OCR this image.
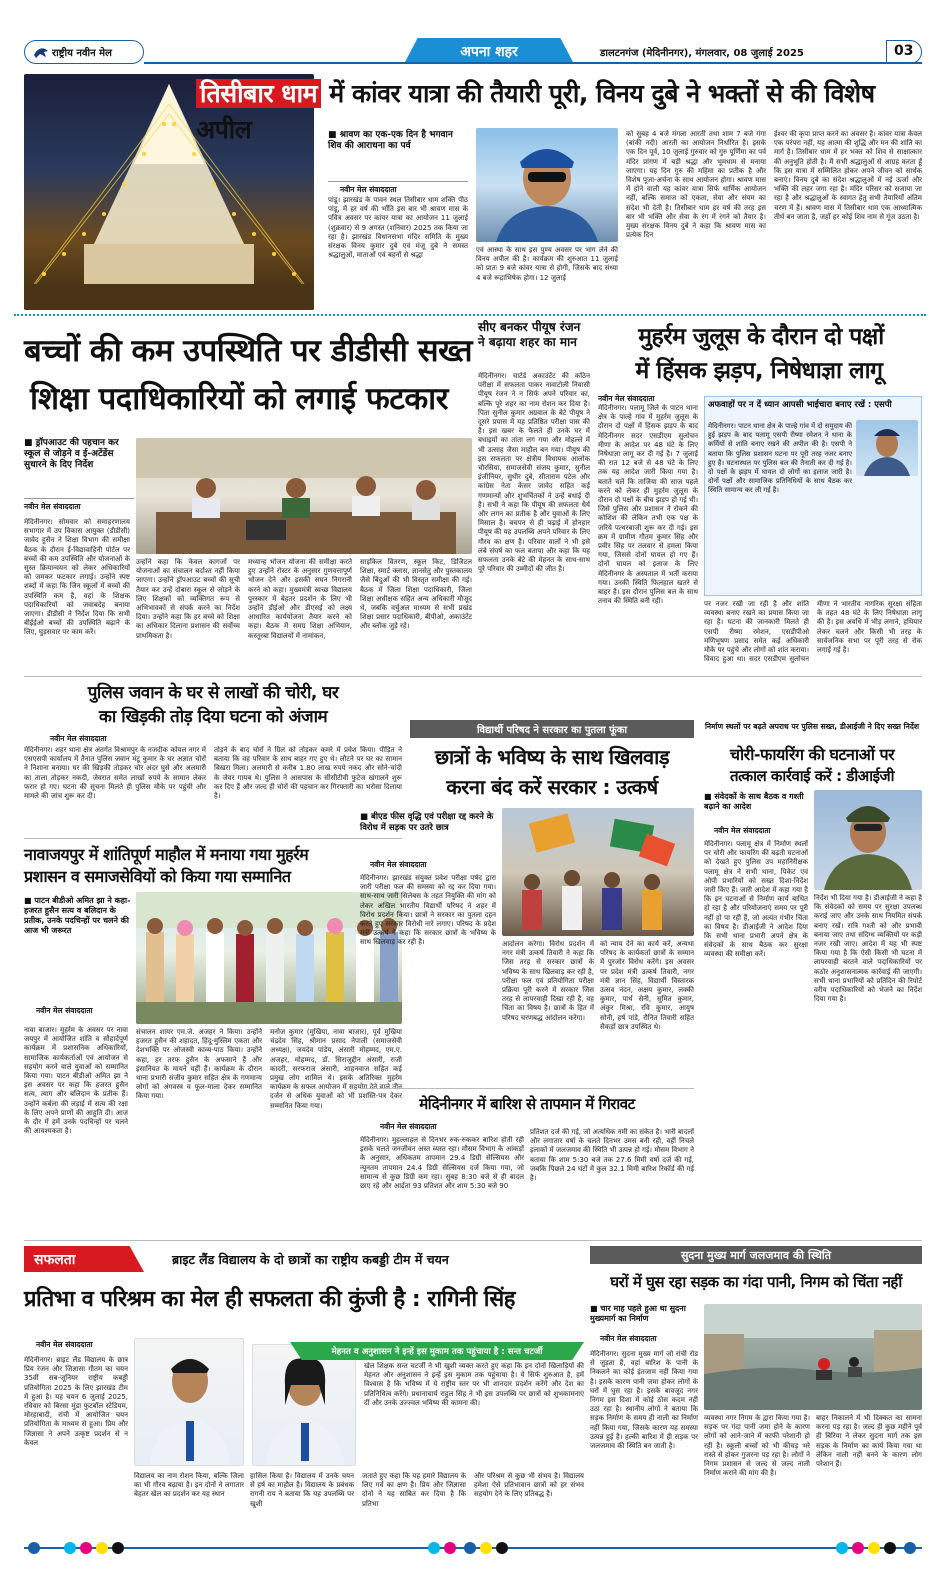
राष्ट्रीय नवीन मेल	अपना शहर	डालटनगंज (मेदिनीनगर), मंगलवार, 08 जुलाई 2025	03
तिसीबार धाम में कांवर यात्रा की तैयारी पूरी, विनय दुबे ने भक्तों से की विशेष अपील	■ श्रावण का एक-एक दिन है भगवान शिव की आराधना का पर्व
नवीन मेल संवाददाता
पांडू। झारखंड के पावन स्थल तिसीबार धाम शक्ति पीठ पांडू, में हर वर्ष की भाँति इस बार भी श्रावण मास के पवित्र अवसर पर कांवर यात्रा का आयोजन 11 जुलाई (शुक्रवार) से 9 अगस्त (शनिवार) 2025 तक किया जा रहा है। झारखंड विधानसभा मंदिर समिति के मुख्य संरक्षक विनय कुमार दुबे एवं मंजू दुबे ने समस्त श्रद्धालुओं, माताओं एवं बहनों से श्रद्धा
एवं आस्था के साथ इस पुण्य अवसर पर भाग लेने की विनय अपील की है। कार्यक्रम की शुरुआत 11 जुलाई को प्रातः 9 बजे कांवर यात्रा से होगी, जिसके बाद संध्या 4 बजे रूद्राभिषेक होगा। 12 जुलाई
को सुबह 4 बजे मंगला आरती तथा शाम 7 बजे गंगा (बांकी नदी) आरती का आयोजन निर्धारित है। इसके एक दिन पूर्व, 10 जुलाई गुरुवार को गुरु पूर्णिमा का पर्व मंदिर प्रांगण में बड़ी श्रद्धा और भूमधाम से मनाया जाएगा। यह दिन गुरु की महिमा का प्रतीक है और विशेष पूजा-अर्चना के साथ आयोजन होगा। श्रावण मास में होने वाली यह कांवर यात्रा सिर्फ धार्मिक आयोजन नहीं, बल्कि समाज को एकता, सेवा और संयम का संदेश भी देती है। तिसीबार धाम हर वर्ष की तरह इस बार भी भक्ति और सेवा के रंग में रंगने को तैयार है। मुख्य संरक्षक विनय दुबे ने कहा कि श्रावण मास का प्रत्येक दिन
ईश्वर की कृपा प्राप्त करने का अवसर है। कांवर यात्रा केवल एक परंपरा नहीं, यह आत्मा की शुद्धि और मन की शांति का मार्ग है। तिसीबार धाम में हर भक्त को शिव से साक्षात्कार की अनुभूति होती है। मैं सभी श्रद्धालुओं से आग्रह करता हूँ कि इस यात्रा में सम्मिलित होकर अपने जीवन को सार्थक बनाएं। विनय दुबे का संदेश श्रद्धालुओं में नई ऊर्जा और भक्ति की लहर जगा रहा है। मंदिर परिसर को सजाया जा रहा है और श्रद्धालुओं के स्वागत हेतु सभी तैयारियाँ अंतिम चरण में हैं। श्रावण मास में तिसीबार धाम एक आध्यात्मिक तीर्थ बन जाता है, जहाँ हर कोई शिव नाम से गूंज उठता है।
बच्चों की कम उपस्थिति पर डीडीसी सख्त
शिक्षा पदाधिकारियों को लगाई फटकार
■ ड्रॉपआउट की पहचान कर स्कूल से जोड़ने व ई-अटेंडेंस सुधारने के दिए निर्देश
नवीन मेल संवाददाता
मेदिनीनगर। सोमवार को समाहरणालय सभागार में उप विकास आयुक्त (डीडीसी) जावेद हुसैन ने शिक्षा विभाग की समीक्षा बैठक के दौरान ई-विद्यावाहिनी पोर्टल पर बच्चों की कम उपस्थिति और योजनाओं के सुस्त क्रियान्वयन को लेकर अधिकारियों को जमकर फटकार लगाई। उन्होंने स्पष्ट शब्दों में कहा कि जिन स्कूलों में बच्चों की उपस्थिति कम है, वहां के शिक्षक पदाधिकारियों को जवाबदेह बनाया जाएगा। डीडीसी ने निर्देश दिया कि सभी बीईईओ बच्चों की उपस्थिति बढ़ाने के लिए, घुड़सवार पर काम करें।
उन्होंने कहा कि केवल कागजों पर योजनाओं का संचालन बर्दाश्त नहीं किया जाएगा। उन्होंने ड्रॉपआउट बच्चों की सूची तैयार कर उन्हें दोबारा स्कूल से जोड़ने के लिए शिक्षकों को व्यक्तिगत रूप से अभिभावकों से संपर्क करने का निर्देश दिया। उन्होंने कहा कि हर बच्चे को शिक्षा का अधिकार दिलाना प्रशासन की सर्वोच्च प्राथमिकता है।
मध्यान्ह भोजन योजना की समीक्षा करते हुए उन्होंने रोस्टर के अनुसार गुणवत्तापूर्ण भोजन देने और इसकी सघन निगरानी करने को कहा। मुख्यमंत्री स्वच्छ विद्यालय पुरस्कार में बेहतर प्रदर्शन के लिए भी उन्होंने डीईओ और डीएसई को लक्ष्य आधारित कार्ययोजना तैयार करने को कहा। बैठक में समग्र शिक्षा अभियान, कस्तूरबा विद्यालयों में नामांकन,
साइकिल वितरण, स्कूल किट, डिजिटल शिक्षा, स्मार्ट क्लास, ज्ञानसेतु और पुस्तकालय जैसे बिंदुओं की भी विस्तृत समीक्षा की गई। बैठक में जिला शिक्षा पदाधिकारी, जिला शिक्षा अधीक्षक सहित अन्य अधिकारी मौजूद थे, जबकि वर्चुअल माध्यम से सभी प्रखंड शिक्षा प्रसार पदाधिकारी, बीपीओ, अकाउंटेंट और ब्लॉक जुड़े रहे।
सीए बनकर पीयूष रंजन ने बढ़ाया शहर का मान
मेदिनीनगर। चार्टर्ड अकाउंटेंट की कठिन परीक्षा में सफलता पाकर नावाटोली निवासी पीयूष रंजन ने न सिर्फ अपने परिवार का, बल्कि पूरे शहर का नाम रोशन कर दिया है। पिता सुनील कुमार अग्रवाल के बेटे पीयूष ने दूसरे प्रयास में यह प्रतिष्ठित परीक्षा पास की है। इस खबर के फैलते ही उनके घर में बधाइयों का तांता लग गया और मोहल्ले में भी उत्साह जैसा माहौल बन गया। पीयूष की इस सफलता पर क्षेत्रीय विधायक आलोक चौरसिया, समाजसेवी संजय कुमार, सुनील इंजीनियर, सुधीर दुबे, सीताराम पटेल और कांग्रेस नेता केसर जावेद सहित कई गणमान्यों और शुभचिंतकों ने उन्हें बधाई दी है। सभी ने कहा कि पीयूष की सफलता धैर्य और लगन का प्रतीक है और युवाओं के लिए मिसाल है। बचपन से ही पढ़ाई में होनहार पीयूष की यह उपलब्धि अपने परिवार के लिए गौरव का क्षण है। परिवार वालों ने भी इसे लंबे संघर्ष का फल बताया और कहा कि यह सफलता उनके बेटे की मेहनत के साथ-साथ पूरे परिवार की उम्मीदों की जीत है।
मुहर्रम जुलूस के दौरान दो पक्षों
में हिंसक झड़प, निषेधाज्ञा लागू
नवीन मेल संवाददाता
मेदिनीनगर। पलामू जिले के पाटन थाना क्षेत्र के पाल्हे गांव में मुहर्रम जुलूस के दौरान दो पक्षों में हिंसक झड़प के बाद मेदिनीनगर सदर एसडीएम सुलोचन मीणा के आदेश पर 48 घंटे के लिए निषेधाज्ञा लागू कर दी गई है। 7 जुलाई की रात 12 बजे से 48 घंटे के लिए तक यह आदेश जारी किया गया है। बताते चलें कि ताजिया की साज पहले करने को लेकर ही मुहर्रम जुलूस के दौरान दो पक्षों के बीच झड़प हो गई थी। जिसे पुलिस और प्रशासन ने रोकने की कोशिश की लेकिन तभी एक पक्ष के जरिये पत्थरबाजी शुरू कर दी गई। इस क्रम में ग्रामीण गौतम कुमार सिंह और प्रवीर सिंह पर तलवार से हमला किया गया, जिससे दोनों घायल हो गए हैं। दोनों घायल को इलाज के लिए मेदिनीनगर के अस्पताल में भर्ती कराया गया। उनकी स्थिति फिलहाल खतरे से बाहर है। इस दौरान पुलिस बल के साथ तनाव की स्थिति बनी रही।
अफवाहों पर न दें ध्यान आपसी भाईचारा बनाए रखें : एसपी
मेदिनीनगर। पाटन थाना क्षेत्र के पाल्हे गांव में दो समुदाय की हुई झड़प के बाद पलामू एसपी रीष्मा रमेशन ने थाना के कर्मियों से शांति बनाए रखने की अपील की है। एसपी ने बताया कि पुलिस प्रशासन घटना पर पूरी तरह नजर बनाए हुए है। घटनास्थल पर पुलिस बल की तैनाती कर दी गई है। दो पक्षों के झड़प में घायल दो लोगों का इलाज जारी है। दोनों पक्षों और सामाजिक प्रतिनिधियों के साथ बैठक कर स्थिति सामान्य कर ली गई है।
पर नजर रखी जा रही है और शांति व्यवस्था बनाए रखने का प्रयास किया जा रहा है। घटना की जानकारी मिलते ही एसपी रीष्मा रमेशन, एसडीपीओ मणिभूषण प्रसाद समेत कई अधिकारी मौके पर पहुंचे और लोगों को शांत कराया। विवाद हुआ था। सदर एसडीएम सुलोचन मीणा ने भारतीय नागरिक सुरक्षा संहिता के तहत 48 घंटे के लिए निषेधाज्ञा लागू की है। इस अवधि में भीड़ लगाने, हथियार लेकर चलने और किसी भी तरह के सार्वजनिक सभा पर पूरी तरह से रोक लगाई गई है।
पुलिस जवान के घर से लाखों की चोरी, घर
का खिड़की तोड़ दिया घटना को अंजाम
नवीन मेल संवाददाता
मेदिनीनगर। शहर थाना क्षेत्र अंतर्गत विश्रामपुर के नजदीक कोयल नगर में एसएसपी कार्यालय में तैनात पुलिस जवान मंटू कुमार के घर अज्ञात चोरों ने निशाना बनाया। घर की खिड़की तोड़कर चोर अंदर घुसे और अलमारी का ताला तोड़कर नकदी, जेवरात समेत लाखों रुपये के सामान लेकर फरार हो गए। घटना की सूचना मिलते ही पुलिस मौके पर पहुंची और मामले की जांच शुरू कर दी।
तोड़ने के बाद चोरों ने ग्रिल को तोड़कर कमरे में प्रवेश किया। पीड़ित ने बताया कि वह परिवार के साथ बाहर गए हुए थे। लौटने पर घर का सामान बिखरा मिला। अलमारी से करीब 1.80 लाख रुपये नकद और सोने-चांदी के जेवर गायब थे। पुलिस ने आसपास के सीसीटीवी फुटेज खंगालने शुरू कर दिए हैं और जल्द ही चोरों की पहचान कर गिरफ्तारी का भरोसा दिलाया है।
नावाजयपुर में शांतिपूर्ण माहौल में मनाया गया मुहर्रम
प्रशासन व समाजसेवियों को किया गया सम्मानित
■ पाटन बीडीओ अमित झा ने कहा- हजरत हुसैन सत्य व बलिदान के प्रतीक, उनके पदचिन्हों पर चलने की आज भी जरूरत
नवीन मेल संवाददाता
नावा बाजार। मुहर्रम के अवसर पर नावा जयपुर में आयोजित शांति व सौहार्दपूर्ण कार्यक्रम में प्रशासनिक अधिकारियों, सामाजिक कार्यकर्ताओं एवं आयोजन से सहयोग करने वाले युवाओं को सम्मानित किया गया। पाटन बीडीओ अमित झा ने इस अवसर पर कहा कि हजरत हुसैन सत्य, त्याग और बलिदान के प्रतीक हैं। उन्होंने कर्बला की लड़ाई में सत्य की रक्षा के लिए अपने प्राणों की आहुति दी। आज के दौर में हमें उनके पदचिन्हों पर चलने की आवश्यकता है।
संचालन शायर एम.जे. अजहर ने किया। उन्होंने हजरत हुसैन की शहादत, हिंदू-मुस्लिम एकता और देशभक्ति पर ओजस्वी काव्य-पाठ किया। उन्होंने कहा, हर तरफ हुसैन के अफसाने हैं और इंसानियत के मायने यहीं हैं। कार्यक्रम के दौरान थाना प्रभारी संजीव कुमार सहित क्षेत्र के गणमान्य लोगों को अंगवस्त्र व फूल-माला देकर सम्मानित किया गया।
मनोज कुमार (मुखिया, नावा बाजार), पूर्व मुखिया चंद्रदेव सिंह, श्रीमान प्रसाद नेपाली (समाजसेवी अध्यक्ष), जयदेव पांडेय, अंसारी मोहम्मद, एम.ए. अजहर, मोहम्मद, डॉ. सिराजुद्दीन अंसारी, राजी कादरी, सरफराज अंसारी, शाहनवाज सहित कई प्रमुख लोग शामिल थे। इसके अतिरिक्त मुहर्रम कार्यक्रम के सफल आयोजन में सहयोग देने वाले तीन दर्जन से अधिक युवाओं को भी प्रशस्ति-पत्र देकर सम्मानित किया गया।
विद्यार्थी परिषद ने सरकार का पुतला फूंका
छात्रों के भविष्य के साथ खिलवाड़
करना बंद करें सरकार : उत्कर्ष
■ बीएड फीस वृद्धि एवं परीक्षा रद्द करने के विरोध में सड़क पर उतरे छात्र
नवीन मेल संवाददाता
मेदिनीनगर। झारखंड संयुक्त प्रवेश परीक्षा पर्षद द्वारा जारी परीक्षा फल की समस्या को रद्द कर दिया गया। साथ-साथ जारी सिलेबस के तहत नियुक्ति की मांग को लेकर अखिल भारतीय विद्यार्थी परिषद ने शहर में विरोध प्रदर्शन किया। छात्रों ने सरकार का पुतला दहन करते हुए सरकार विरोधी नारे लगाए। परिषद के प्रदेश मंत्री उत्कर्ष ने कहा कि सरकार छात्रों के भविष्य के साथ खिलवाड़ कर रही है।	आदोलन करेगा। विरोध प्रदर्शन में नगर मंत्री उत्कर्ष तिवारी ने कहा कि जिस तरह से सरकार छात्रों के भविष्य के साथ खिलवाड़ कर रही है, परीक्षा फल एवं प्रतियोगिता परीक्षा प्रक्रिया पूरी करने में सरकार जिस तरह से लापरवाही दिखा रही है, वह चिंता का विषय है। छात्रों के हित में परिषद चरणबद्ध आंदोलन करेगा।
को न्याय देने का कार्य करें, अन्यथा परिषद के कार्यकर्ता छात्रों के सम्मान में पुरजोर विरोध करेंगे। इस अवसर पर प्रदेश मंत्री उत्कर्ष तिवारी, नगर मंत्री ज्ञान सिंह, विद्यार्थी विस्तारक उत्सव नंदन, अक्षय कुमार, लक्की कुमार, पार्थ सेनी, सुमित कुमार, अंकुर मिश्रा, रवि कुमार, आयुष सोनी, हर्ष पांडे, रौनित तिवारी सहित सैकड़ों छात्र उपस्थित थे।
मेदिनीनगर में बारिश से तापमान में गिरावट
नवीन मेल संवाददाता
मेदिनीनगर। मुहल्लाहल से दिनभर रुक-रुककर बारिश होती रही इसके चलते जनजीवन अस्त व्यस्त रहा। मौसम विभाग के आंकड़ों के अनुसार, अधिकतम तापमान 29.4 डिग्री सेल्सियस और न्यूनतम तापमान 24.4 डिग्री सेल्सियस दर्ज किया गया, जो सामान्य से कुछ डिग्री कम रहा। सुबह 8:30 बजे से ही बादल छाए रहे और आर्द्रता 93 प्रतिशत और शाम 5:30 बजे 90
प्रतिशत दर्ज की गई, जो अत्यधिक नमी का संकेत है। भारी बादलों और लगातार वर्षा के चलते दिनभर उमस बनी रही, वहीं निचले इलाकों में जलजमाव की स्थिति भी उत्पन्न हो गई। मौसम विभाग ने बताया कि शाम 5:30 बजे तक 27.6 मिमी वर्षा दर्ज की गई, जबकि पिछले 24 घंटों में कुल 32.1 मिमी बारिश रिकॉर्ड की गई है।
निर्माण स्थलों पर बढ़ते अपराध पर पुलिस सख्त, डीआईजी ने दिए सख्त निर्देश
चोरी-फायरिंग की घटनाओं पर
तत्काल कार्रवाई करें : डीआईजी
■ संवेदकों के साथ बैठक व गश्ती बढ़ाने का आदेश
नवीन मेल संवाददाता
मेदिनीनगर। पलामू क्षेत्र में निर्माण स्थलों पर चोरी और फायरिंग की बढ़ती घटनाओं को देखते हुए पुलिस उप महानिरीक्षक पलामू क्षेत्र ने सभी थाना, पिकेट एवं ओपी प्रभारियों को सख्त दिशा-निर्देश जारी किए हैं। जारी आदेश में कहा गया है कि इन घटनाओं से निर्माण कार्य बाधित हो रहा है और परियोजनाएं समय पर पूरी नहीं हो पा रही हैं, जो अत्यंत गंभीर चिंता का विषय है। डीआईजी ने आदेश दिया कि सभी थाना प्रभारी अपने क्षेत्र के संवेदकों के साथ बैठक कर सुरक्षा व्यवस्था की समीक्षा करें।
निर्देश भी दिया गया है। डीआईजी ने कहा है कि संवेदकों को समय पर सुरक्षा उपलब्ध कराई जाए और उनके साथ नियमित संपर्क बनाए रखें। रात्रि गश्ती को और प्रभावी बनाया जाए तथा संदिग्ध व्यक्तियों पर कड़ी नजर रखी जाए। आदेश में यह भी स्पष्ट किया गया है कि ऐसी किसी भी घटना में लापरवाही बरतने वाले पदाधिकारियों पर कठोर अनुशासनात्मक कार्रवाई की जाएगी। सभी थाना प्रभारियों को प्रतिदिन की रिपोर्ट वरीय पदाधिकारियों को भेजने का निर्देश दिया गया है।
सफलता	ब्राइट लैंड विद्यालय के दो छात्रों का राष्ट्रीय कबड्डी टीम में चयन
प्रतिभा व परिश्रम का मेल ही सफलता की कुंजी है : रागिनी सिंह
नवीन मेल संवाददाता
मेदिनीनगर। ब्राइट लैंड विद्यालय के छात्र प्रिय रंजन और जिज्ञासा गौतम का चयन 35वीं सब-जूनियर राष्ट्रीय कबड्डी प्रतियोगिता 2025 के लिए झारखंड टीम में हुआ है। यह चयन 6 जुलाई 2025, रविवार को बिरसा मुंडा फुटबॉल स्टेडियम, मोरहाबादी, रांची में आयोजित चयन प्रतियोगिता के माध्यम से हुआ। प्रिय और जिज्ञासा ने अपने उत्कृष्ट प्रदर्शन से न केवल
मेहनत व अनुशासन ने इन्हें इस मुकाम तक पहुंचाया है : सन्त चटर्जी
खेल शिक्षक सन्त चटर्जी ने भी खुशी व्यक्त करते हुए कहा कि इन दोनों खिलाड़ियों की मेहनत और अनुशासन ने इन्हें इस मुकाम तक पहुंचाया है। ये सिर्फ शुरुआत है, हमें विश्वास है कि भविष्य में ये राष्ट्रीय स्तर पर भी शानदार प्रदर्शन करेंगे और देश का प्रतिनिधित्व करेंगे। प्रधानाचार्य राहुल सिंह ने भी इस उपलब्धि पर छात्रों को शुभकामनाएं दीं और उनके उज्ज्वल भविष्य की कामना की।
विद्यालय का नाम रोशन किया, बल्कि जिला का भी गौरव बढ़ाया है। इन दोनों ने लगातार बेहतर खेल का प्रदर्शन कर यह स्थान
हासिल किया है। विद्यालय में उनके चयन से हर्ष का माहौल है। विद्यालय के प्रबंधक रागनी राय ने बताया कि यह उपलब्धि पर खुशी
जताते हुए कहा कि यह हमारे विद्यालय के लिए गर्व का क्षण है। प्रिय और जिज्ञासा दोनों ने यह साबित कर दिया है कि प्रतिभा
और परिश्रम से कुछ भी संभव है। विद्यालय हमेशा ऐसे प्रतिभावान छात्रों को हर संभव सहयोग देने के लिए प्रतिबद्ध है।
सुदना मुख्य मार्ग जलजमाव की स्थिति
घरों में घुस रहा सड़क का गंदा पानी, निगम को चिंता नहीं
■ चार माह पहले हुआ था सुदना मुख्यमार्ग का निर्माण
नवीन मेल संवाददाता
मेदिनीनगर। सुदना मुख्य मार्ग जो रांची रोड से जुड़ता है, वहां बारिश के पानी के निकलने का कोई इंतजाम नहीं किया गया है। इसके कारण पानी जमा होकर लोगों के घरों में घुस रहा है। इसके बावजूद नगर निगम इस दिशा में कोई ठोस कदम नहीं उठा रहा है। स्थानीय लोगों ने बताया कि सड़क निर्माण के समय ही नाली का निर्माण नहीं किया गया, जिसके कारण यह समस्या उत्पन्न हुई है। हल्की बारिश में ही सड़क पर जलजमाव की स्थिति बन जाती है।
व्यवस्था नगर निगम के द्वारा किया गया है। सड़क पर गंदा पानी जमा होने के कारण लोगों को आने-जाने में काफी परेशानी हो रही है। स्कूली बच्चों को भी कीचड़ भरे रास्ते से होकर गुजरना पड़ रहा है। लोगों ने निगम प्रशासन से जल्द से जल्द नाली निर्माण कराने की मांग की है।
बाहर निकालने में भी दिक्कत का सामना करना पड़ रहा है। जल्द ही कुछ महीने पूर्व ही बिरिया ने लेकर सुदना मार्ग तक इस सड़क के निर्माण का कार्य किया गया था लेकिन नाली नहीं बनने के कारण लोग परेशान हैं।
